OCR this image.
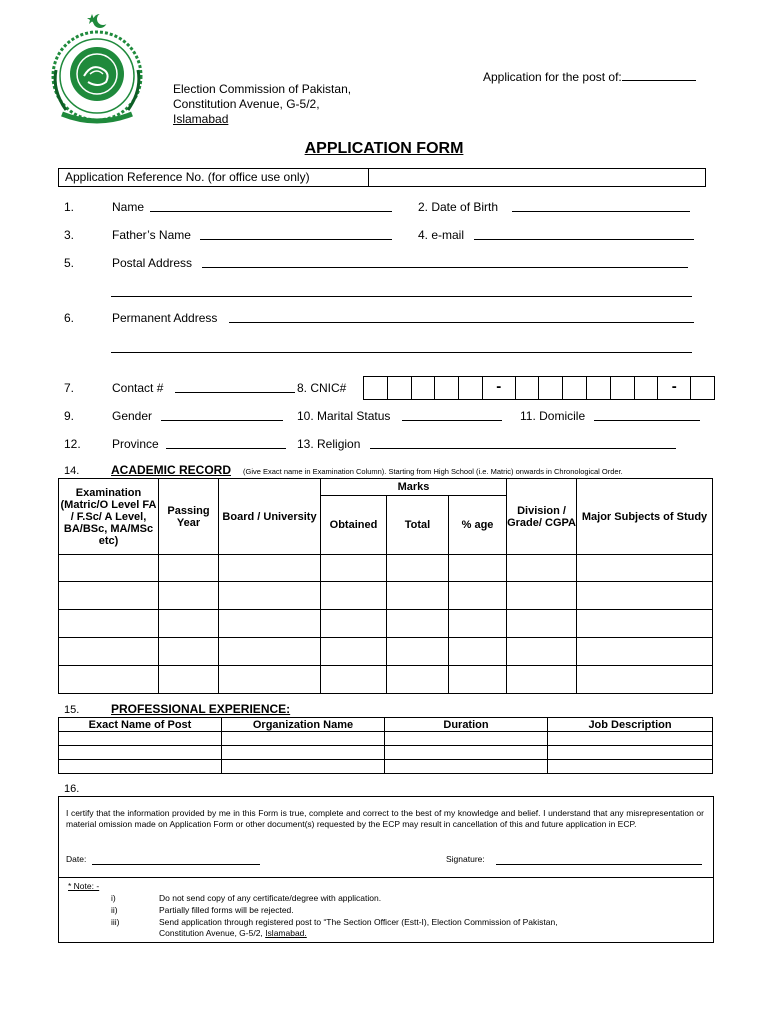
Application for the post of:
Election Commission of Pakistan,
Constitution Avenue, G-5/2,
Islamabad
APPLICATION FORM
Application Reference No. (for office use only)
1.	Name	2. Date of Birth
3.	Father’s Name	4. e-mail
5.	Postal Address
6.	Permanent Address
7.	Contact #	8. CNIC#	-	-
9.	Gender	10. Marital Status	11. Domicile
12.	Province	13. Religion
14.	ACADEMIC RECORD (Give Exact name in Examination Column). Starting from High School (i.e. Matric) onwards in Chronological Order.
Examination (Matric/O Level FA / F.Sc/ A Level, BA/BSc, MA/MSc etc)	Passing Year	Board / University	Marks			Division / Grade/ CGPA	Major Subjects of Study
			Obtained	Total	% age		

15.	PROFESSIONAL EXPERIENCE:
Exact Name of Post	Organization Name	Duration	Job Description

16.
I certify that the information provided by me in this Form is true, complete and correct to the best of my knowledge and belief. I understand that any misrepresentation or material omission made on Application Form or other document(s) requested by the ECP may result in cancellation of this and future application in ECP.
Date:	Signature:
* Note: -
i)	Do not send copy of any certificate/degree with application.
ii)	Partially filled forms will be rejected.
iii)	Send application through registered post to “The Section Officer (Estt-I), Election Commission of Pakistan,
Constitution Avenue, G-5/2, Islamabad.
